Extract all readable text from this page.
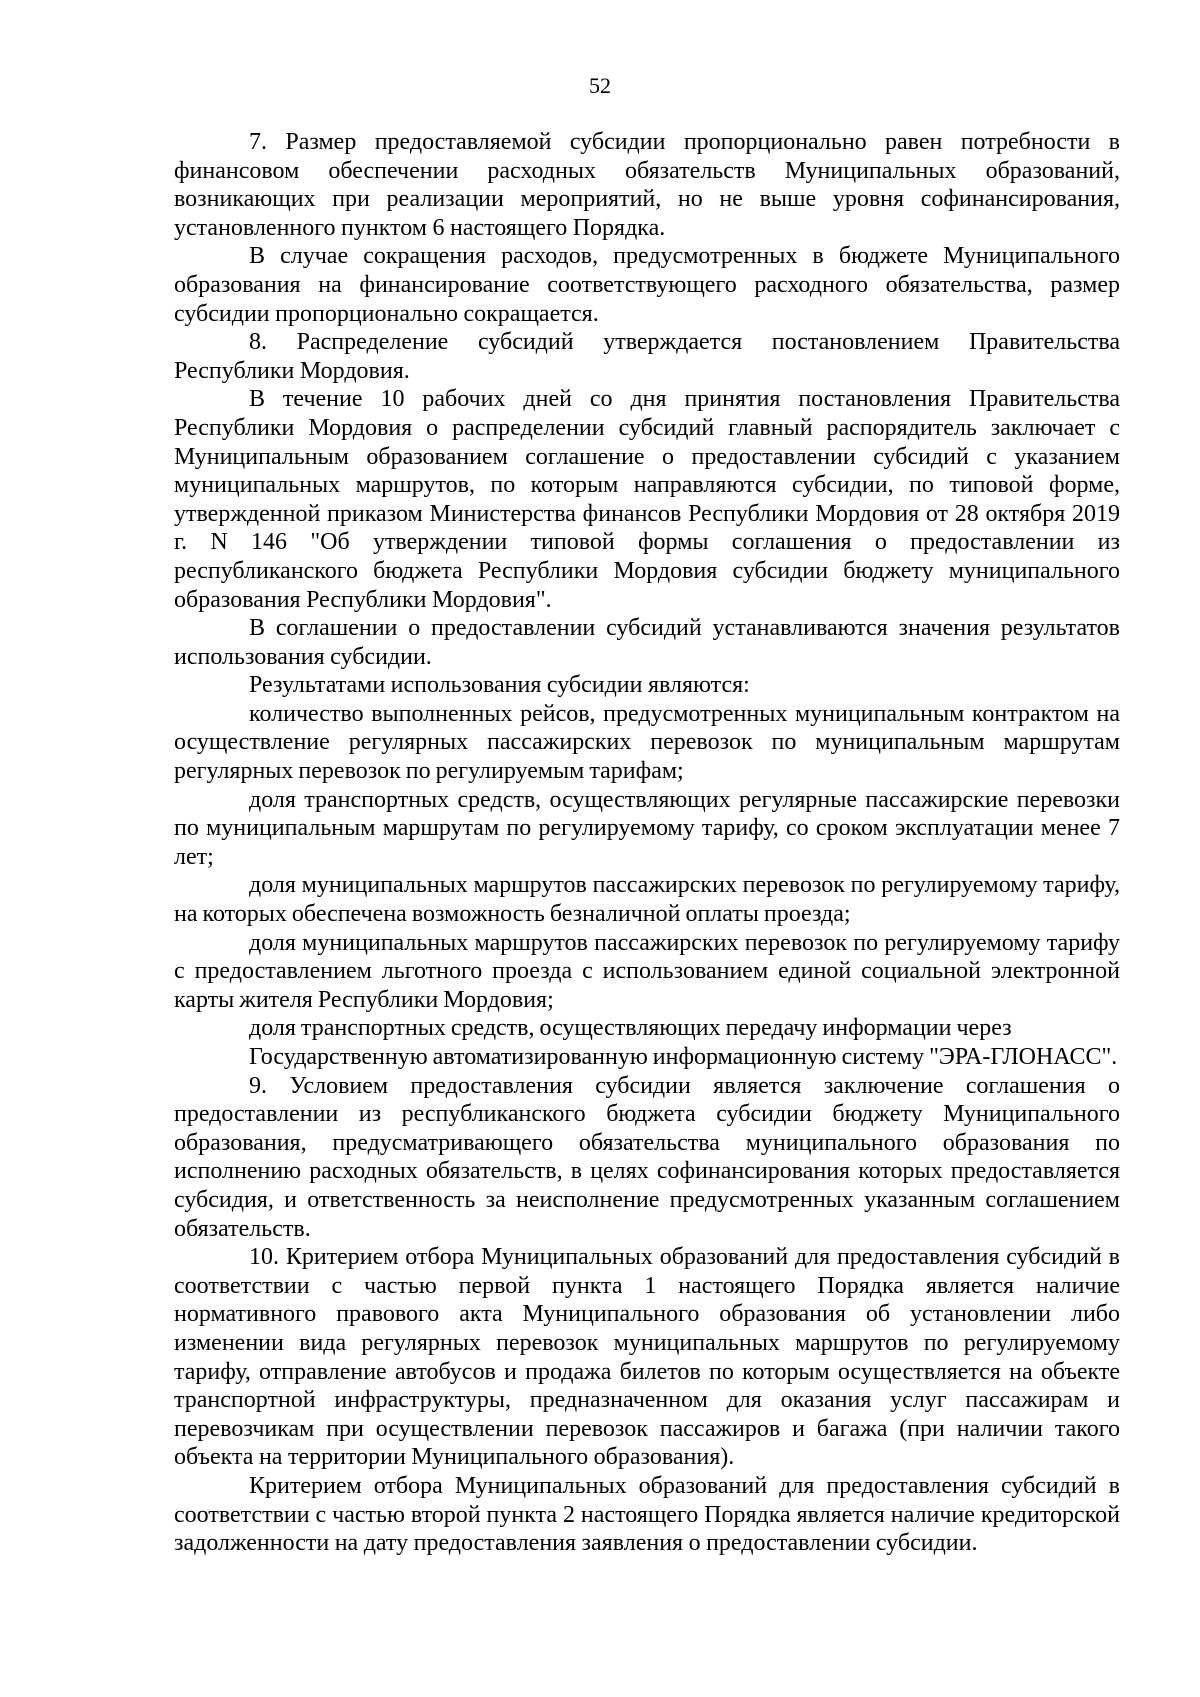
52

7. Размер предоставляемой субсидии пропорционально равен потребности в финансовом обеспечении расходных обязательств Муниципальных образований, возникающих при реализации мероприятий, но не выше уровня софинансирования, установленного пунктом 6 настоящего Порядка.

В случае сокращения расходов, предусмотренных в бюджете Муниципального образования на финансирование соответствующего расходного обязательства, размер субсидии пропорционально сокращается.

8. Распределение субсидий утверждается постановлением Правительства Республики Мордовия.

В течение 10 рабочих дней со дня принятия постановления Правительства Республики Мордовия о распределении субсидий главный распорядитель заключает с Муниципальным образованием соглашение о предоставлении субсидий с указанием муниципальных маршрутов, по которым направляются субсидии, по типовой форме, утвержденной приказом Министерства финансов Республики Мордовия от 28 октября 2019 г. N 146 "Об утверждении типовой формы соглашения о предоставлении из республиканского бюджета Республики Мордовия субсидии бюджету муниципального образования Республики Мордовия".

В соглашении о предоставлении субсидий устанавливаются значения результатов использования субсидии.

Результатами использования субсидии являются:

количество выполненных рейсов, предусмотренных муниципальным контрактом на осуществление регулярных пассажирских перевозок по муниципальным маршрутам регулярных перевозок по регулируемым тарифам;

доля транспортных средств, осуществляющих регулярные пассажирские перевозки по муниципальным маршрутам по регулируемому тарифу, со сроком эксплуатации менее 7 лет;

доля муниципальных маршрутов пассажирских перевозок по регулируемому тарифу, на которых обеспечена возможность безналичной оплаты проезда;

доля муниципальных маршрутов пассажирских перевозок по регулируемому тарифу с предоставлением льготного проезда с использованием единой социальной электронной карты жителя Республики Мордовия;

доля транспортных средств, осуществляющих передачу информации через

Государственную автоматизированную информационную систему "ЭРА-ГЛОНАСС".

9. Условием предоставления субсидии является заключение соглашения о предоставлении из республиканского бюджета субсидии бюджету Муниципального образования, предусматривающего обязательства муниципального образования по исполнению расходных обязательств, в целях софинансирования которых предоставляется субсидия, и ответственность за неисполнение предусмотренных указанным соглашением обязательств.

10. Критерием отбора Муниципальных образований для предоставления субсидий в соответствии с частью первой пункта 1 настоящего Порядка является наличие нормативного правового акта Муниципального образования об установлении либо изменении вида регулярных перевозок муниципальных маршрутов по регулируемому тарифу, отправление автобусов и продажа билетов по которым осуществляется на объекте транспортной инфраструктуры, предназначенном для оказания услуг пассажирам и перевозчикам при осуществлении перевозок пассажиров и багажа (при наличии такого объекта на территории Муниципального образования).

Критерием отбора Муниципальных образований для предоставления субсидий в соответствии с частью второй пункта 2 настоящего Порядка является наличие кредиторской задолженности на дату предоставления заявления о предоставлении субсидии.
